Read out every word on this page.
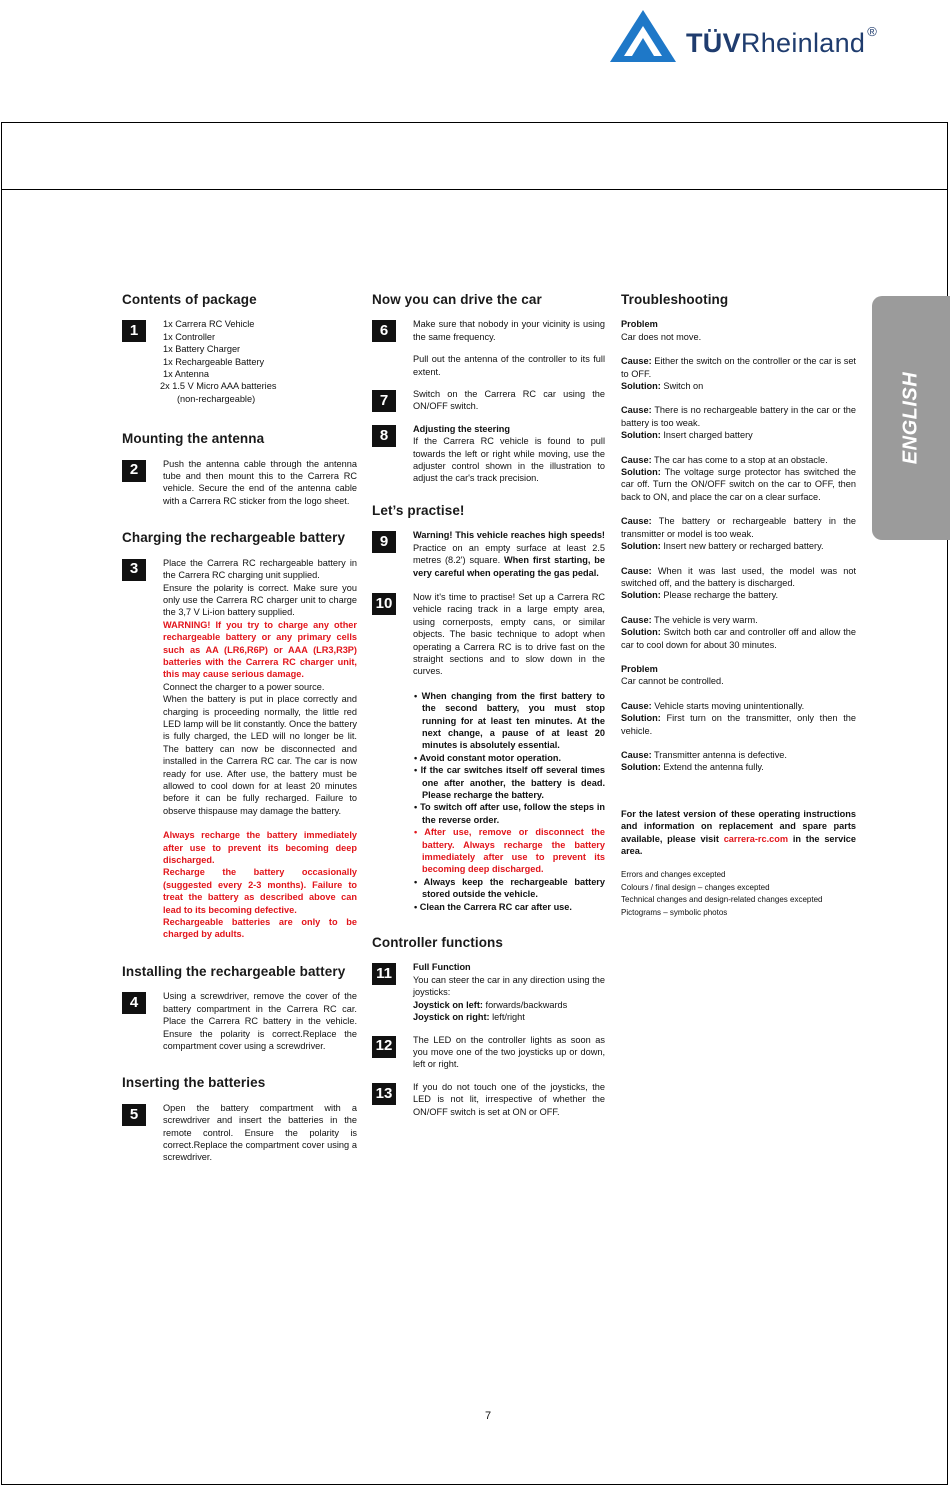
TÜVRheinland ®
ENGLISH
Contents of package
1	1x Carrera RC Vehicle

1x Controller

1x Battery Charger

1x Rechargeable Battery

1x Antenna

2x 1.5 V Micro AAA batteries

(non-rechargeable)

Mounting the antenna
2	Push the antenna cable through the antenna tube and then mount this to the Carrera RC vehicle. Secure the end of the antenna cable with a Carrera RC sticker from the logo sheet.

Charging the rechargeable battery
3	Place the Carrera RC rechargeable battery in the Carrera RC charging unit supplied.

Ensure the polarity is correct. Make sure you only use the Carrera RC charger unit to charge the 3,7 V Li-ion battery supplied.

WARNING! If you try to charge any other rechargeable battery or any primary cells such as AA (LR6,R6P) or AAA (LR3,R3P) batteries with the Carrera RC charger unit, this may cause serious damage.

Connect the charger to a power source.

When the battery is put in place correctly and charging is proceeding normally, the little red LED lamp will be lit constantly. Once the battery is fully charged, the LED will no longer be lit. The battery can now be disconnected and installed in the Carrera RC car. The car is now ready for use. After use, the battery must be allowed to cool down for at least 20 minutes before it can be fully recharged. Failure to observe thispause may damage the battery.

Always recharge the battery immediately after use to prevent its becoming deep discharged.

Recharge the battery occasionally (suggested every 2-3 months). Failure to treat the battery as described above can lead to its becoming defective.

Rechargeable batteries are only to be charged by adults.

Installing the rechargeable battery
4	Using a screwdriver, remove the cover of the battery compartment in the Carrera RC car. Place the Carrera RC battery in the vehicle. Ensure the polarity is correct.Replace the compartment cover using a screwdriver.

Inserting the batteries
5	Open the battery compartment with a screwdriver and insert the batteries in the remote control. Ensure the polarity is correct.Replace the compartment cover using a screwdriver.

Now you can drive the car
6	Make sure that nobody in your vicinity is using the same frequency.

Pull out the antenna of the controller to its full extent.

7	Switch on the Carrera RC car using the ON/OFF switch.

8	Adjusting the steering

If the Carrera RC vehicle is found to pull towards the left or right while moving, use the adjuster control shown in the illustration to adjust the car's track precision.

Let’s practise!
9	Warning! This vehicle reaches high speeds! Practice on an empty surface at least 2.5 metres (8.2') square. When first starting, be very careful when operating the gas pedal.

10	Now it's time to practise! Set up a Carrera RC vehicle racing track in a large empty area, using cornerposts, empty cans, or similar objects. The basic technique to adopt when operating a Carrera RC is to drive fast on the straight sections and to slow down in the curves.

• When changing from the first battery to the second battery, you must stop running for at least ten minutes. At the next change, a pause of at least 20 minutes is absolutely essential.

• Avoid constant motor operation.

• If the car switches itself off several times one after another, the battery is dead. Please recharge the battery.

• To switch off after use, follow the steps in the reverse order.

• After use, remove or disconnect the battery. Always recharge the battery immediately after use to prevent its becoming deep discharged.

• Always keep the rechargeable battery stored outside the vehicle.

• Clean the Carrera RC car after use.

Controller functions
11	Full Function

You can steer the car in any direction using the joysticks:

Joystick on left: forwards/backwards

Joystick on right: left/right

12	The LED on the controller lights as soon as you move one of the two joysticks up or down, left or right.

13	If you do not touch one of the joysticks, the LED is not lit, irrespective of whether the ON/OFF switch is set at ON or OFF.

Troubleshooting

Problem

Car does not move.

Cause: Either the switch on the controller or the car is set to OFF.

Solution: Switch on

Cause: There is no rechargeable battery in the car or the battery is too weak.

Solution: Insert charged battery

Cause: The car has come to a stop at an obstacle.

Solution: The voltage surge protector has switched the car off. Turn the ON/OFF switch on the car to OFF, then back to ON, and place the car on a clear surface.

Cause: The battery or rechargeable battery in the transmitter or model is too weak.

Solution: Insert new battery or recharged battery.

Cause: When it was last used, the model was not switched off, and the battery is discharged.

Solution: Please recharge the battery.

Cause: The vehicle is very warm.

Solution: Switch both car and controller off and allow the car to cool down for about 30 minutes.

Problem

Car cannot be controlled.

Cause: Vehicle starts moving unintentionally.

Solution: First turn on the transmitter, only then the vehicle.

Cause: Transmitter antenna is defective.

Solution: Extend the antenna fully.

For the latest version of these operating instructions and information on replacement and spare parts available, please visit carrera-rc.com in the service area.

Errors and changes excepted

Colours / final design – changes excepted

Technical changes and design-related changes excepted

Pictograms – symbolic photos

7
